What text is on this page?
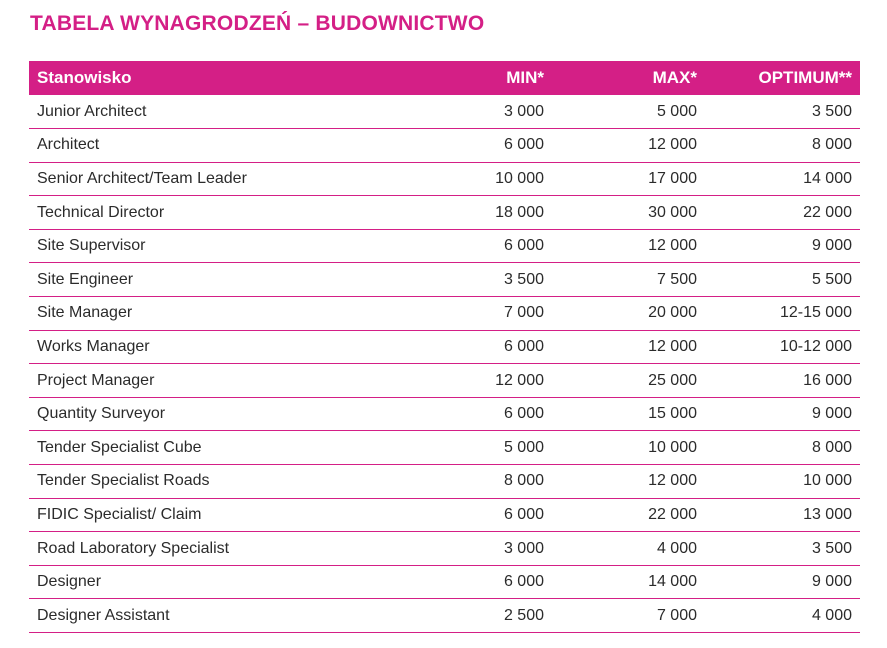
TABELA WYNAGRODZEŃ – BUDOWNICTWO
Stanowisko	MIN*	MAX*	OPTIMUM**
Junior Architect	3 000	5 000	3 500
Architect	6 000	12 000	8 000
Senior Architect/Team Leader	10 000	17 000	14 000
Technical Director	18 000	30 000	22 000
Site Supervisor	6 000	12 000	9 000
Site Engineer	3 500	7 500	5 500
Site Manager	7 000	20 000	12-15 000
Works Manager	6 000	12 000	10-12 000
Project Manager	12 000	25 000	16 000
Quantity Surveyor	6 000	15 000	9 000
Tender Specialist Cube	5 000	10 000	8 000
Tender Specialist Roads	8 000	12 000	10 000
FIDIC Specialist/ Claim	6 000	22 000	13 000
Road Laboratory Specialist	3 000	4 000	3 500
Designer	6 000	14 000	9 000
Designer Assistant	2 500	7 000	4 000
